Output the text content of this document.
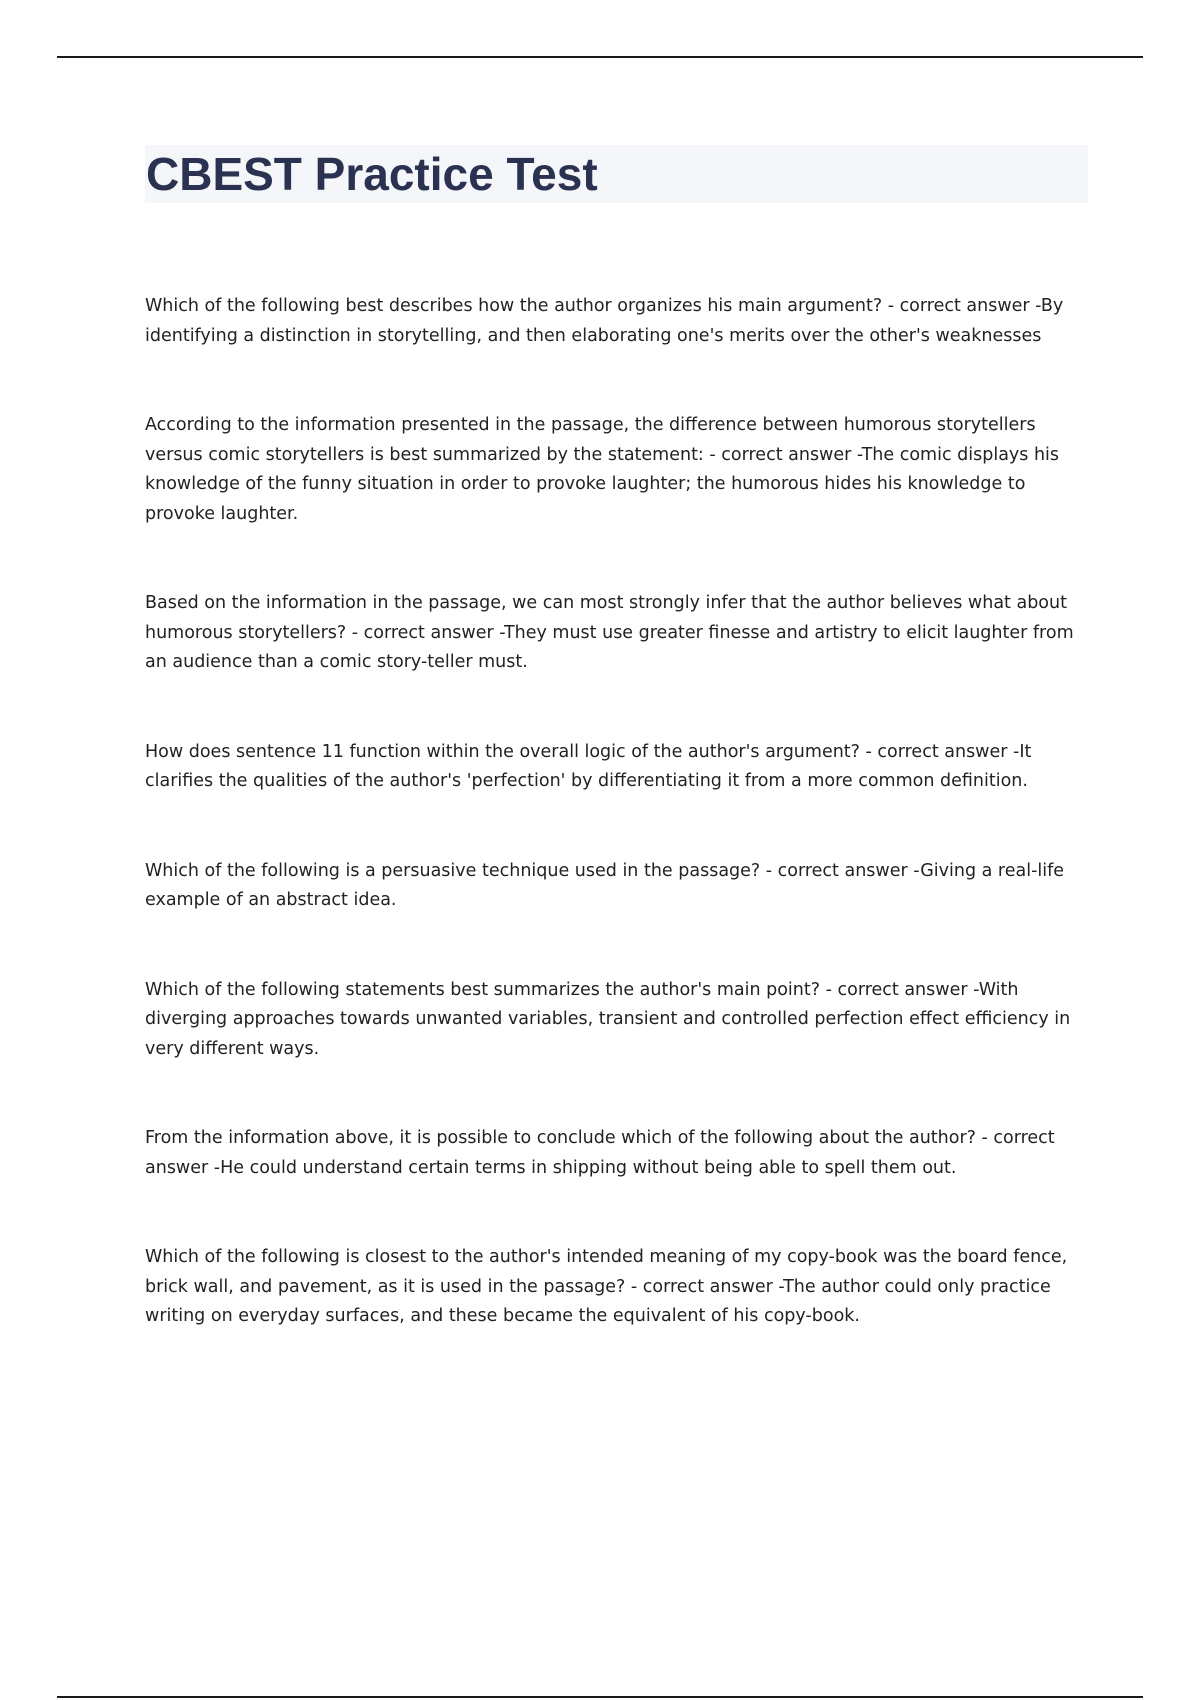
CBEST Practice Test
Which of the following best describes how the author organizes his main argument? - correct answer -By identifying a distinction in storytelling, and then elaborating one's merits over the other's weaknesses
According to the information presented in the passage, the difference between humorous storytellers versus comic storytellers is best summarized by the statement: - correct answer -The comic displays his knowledge of the funny situation in order to provoke laughter; the humorous hides his knowledge to provoke laughter.
Based on the information in the passage, we can most strongly infer that the author believes what about humorous storytellers? - correct answer -They must use greater finesse and artistry to elicit laughter from an audience than a comic story-teller must.
How does sentence 11 function within the overall logic of the author's argument? - correct answer -It clarifies the qualities of the author's 'perfection' by differentiating it from a more common definition.
Which of the following is a persuasive technique used in the passage? - correct answer -Giving a real-life example of an abstract idea.
Which of the following statements best summarizes the author's main point? - correct answer -With diverging approaches towards unwanted variables, transient and controlled perfection effect efficiency in very different ways.
From the information above, it is possible to conclude which of the following about the author? - correct answer -He could understand certain terms in shipping without being able to spell them out.
Which of the following is closest to the author's intended meaning of my copy-book was the board fence, brick wall, and pavement, as it is used in the passage? - correct answer -The author could only practice writing on everyday surfaces, and these became the equivalent of his copy-book.
